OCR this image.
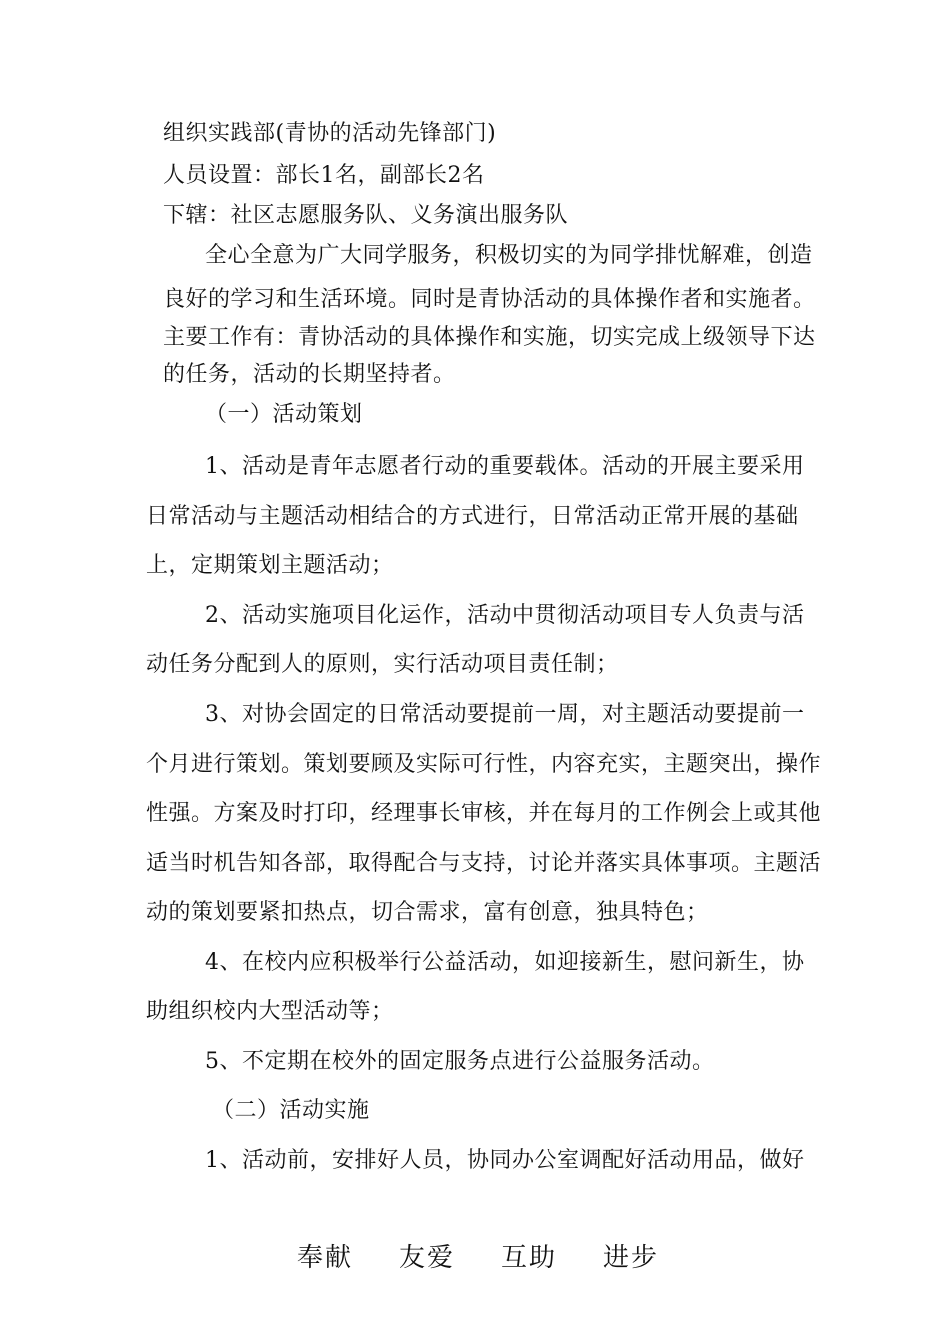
组织实践部(青协的活动先锋部门)
人员设置：部长1名，副部长2名
下辖：社区志愿服务队、义务演出服务队
全心全意为广大同学服务，积极切实的为同学排忧解难，创造
良好的学习和生活环境。同时是青协活动的具体操作者和实施者。
主要工作有：青协活动的具体操作和实施，切实完成上级领导下达
的任务，活动的长期坚持者。
（一）活动策划
1、活动是青年志愿者行动的重要载体。活动的开展主要采用
日常活动与主题活动相结合的方式进行，日常活动正常开展的基础
上，定期策划主题活动；
2、活动实施项目化运作，活动中贯彻活动项目专人负责与活
动任务分配到人的原则，实行活动项目责任制；
3、对协会固定的日常活动要提前一周，对主题活动要提前一
个月进行策划。策划要顾及实际可行性，内容充实，主题突出，操作
性强。方案及时打印，经理事长审核，并在每月的工作例会上或其他
适当时机告知各部，取得配合与支持，讨论并落实具体事项。主题活
动的策划要紧扣热点，切合需求，富有创意，独具特色；
4、在校内应积极举行公益活动，如迎接新生，慰问新生，协
助组织校内大型活动等；
5、不定期在校外的固定服务点进行公益服务活动。
（二）活动实施
1、活动前，安排好人员，协同办公室调配好活动用品，做好
奉献 友爱 互助 进步
